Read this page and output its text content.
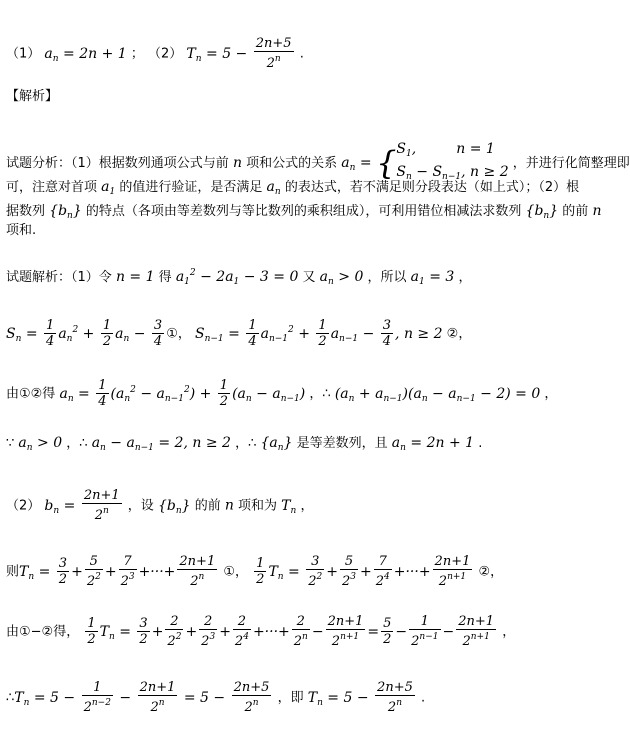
（1） $a_n = 2n + 1$ ； （2） $T_n = 5 - \frac{2n+5}{2^n}$ .
【解析】
试题分析：（1）根据数列通项公式与前 n 项和公式的关系 $a_n$ = { $S_1$,         n = 1
$S_n - S_{n-1}$, n ≥ 2
，并进行化简整理即
可，注意对首项 $a_1$ 的值进行验证，是否满足 $a_n$ 的表达式，若不满足则分段表达（如上式）；（2）根
据数列 $\{b_n\}$ 的特点（各项由等差数列与等比数列的乘积组成），可利用错位相减法求数列 $\{b_n\}$ 的前 n
项和.
试题解析：（1）令 n = 1 得 $a_1^2 - 2a_1 - 3 = 0$ 又 $a_n > 0$ ，所以 $a_1 = 3$ ，
$S_n = \frac{1}{4} a_n^2 + \frac{1}{2} a_n - \frac{3}{4}$ ①， $S_{n-1} = \frac{1}{4} a_{n-1}^2 + \frac{1}{2} a_{n-1} - \frac{3}{4}$ , n ≥ 2 ②，
由①②得 $a_n = \frac{1}{4} (a_n^2 - a_{n-1}^2) + \frac{1}{2} (a_n - a_{n-1})$ ，∴ $(a_n + a_{n-1})(a_n - a_{n-1} - 2) = 0$ ，
∵ $a_n > 0$ ，∴ $a_n - a_{n-1} = 2$, n ≥ 2 ，∴ $\{a_n\}$ 是等差数列，且 $a_n = 2n + 1$ .
（2） $b_n = \frac{2n+1}{2^n}$ ，设 $\{b_n\}$ 的前 n 项和为 $T_n$ ，
则$T_n = \frac{3}{2} + \frac{5}{2^2} + \frac{7}{2^3}$ +···+ $\frac{2n+1}{2^n}$ ①， $\frac{1}{2} T_n = \frac{3}{2^2} + \frac{5}{2^3} + \frac{7}{2^4}$ +···+ $\frac{2n+1}{2^{n+1}}$ ②，
由①−②得， $\frac{1}{2} T_n = \frac{3}{2} + \frac{2}{2^2} + \frac{2}{2^3} + \frac{2}{2^4}$ +···+ $\frac{2}{2^n} - \frac{2n+1}{2^{n+1}} = \frac{5}{2} - \frac{1}{2^{n-1}} - \frac{2n+1}{2^{n+1}}$ ，
$\therefore T_n = 5 - \frac{1}{2^{n-2}} - \frac{2n+1}{2^n} = 5 - \frac{2n+5}{2^n}$ ，即 $T_n = 5 - \frac{2n+5}{2^n}$ .
